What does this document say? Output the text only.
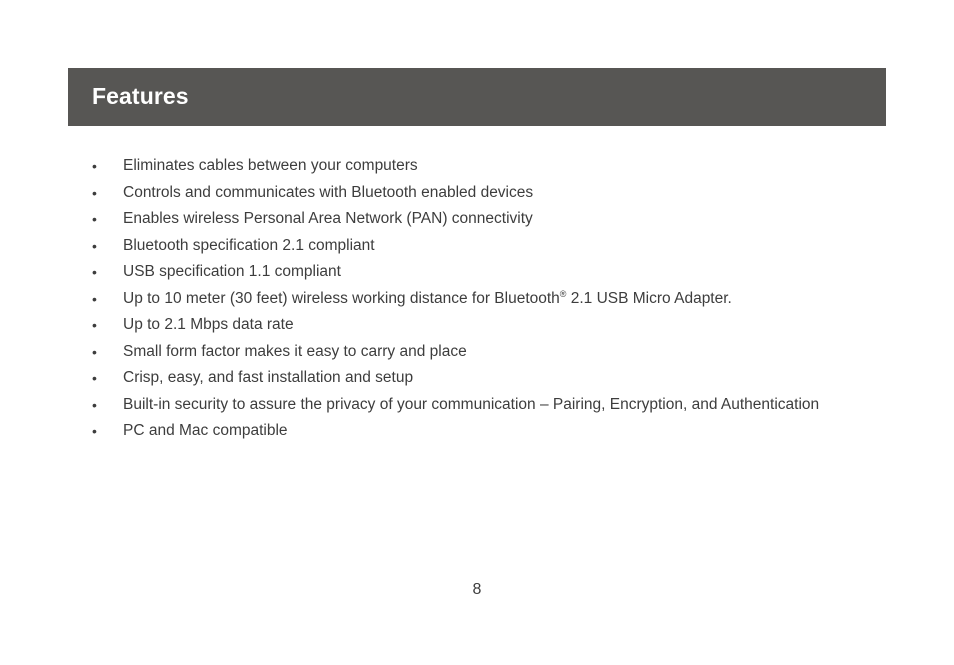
Features
• Eliminates cables between your computers
• Controls and communicates with Bluetooth enabled devices
• Enables wireless Personal Area Network (PAN) connectivity
• Bluetooth specification 2.1 compliant
• USB specification 1.1 compliant
• Up to 10 meter (30 feet) wireless working distance for Bluetooth® 2.1 USB Micro Adapter.
• Up to 2.1 Mbps data rate
• Small form factor makes it easy to carry and place
• Crisp, easy, and fast installation and setup
• Built-in security to assure the privacy of your communication – Pairing, Encryption, and Authentication
• PC and Mac compatible
8
